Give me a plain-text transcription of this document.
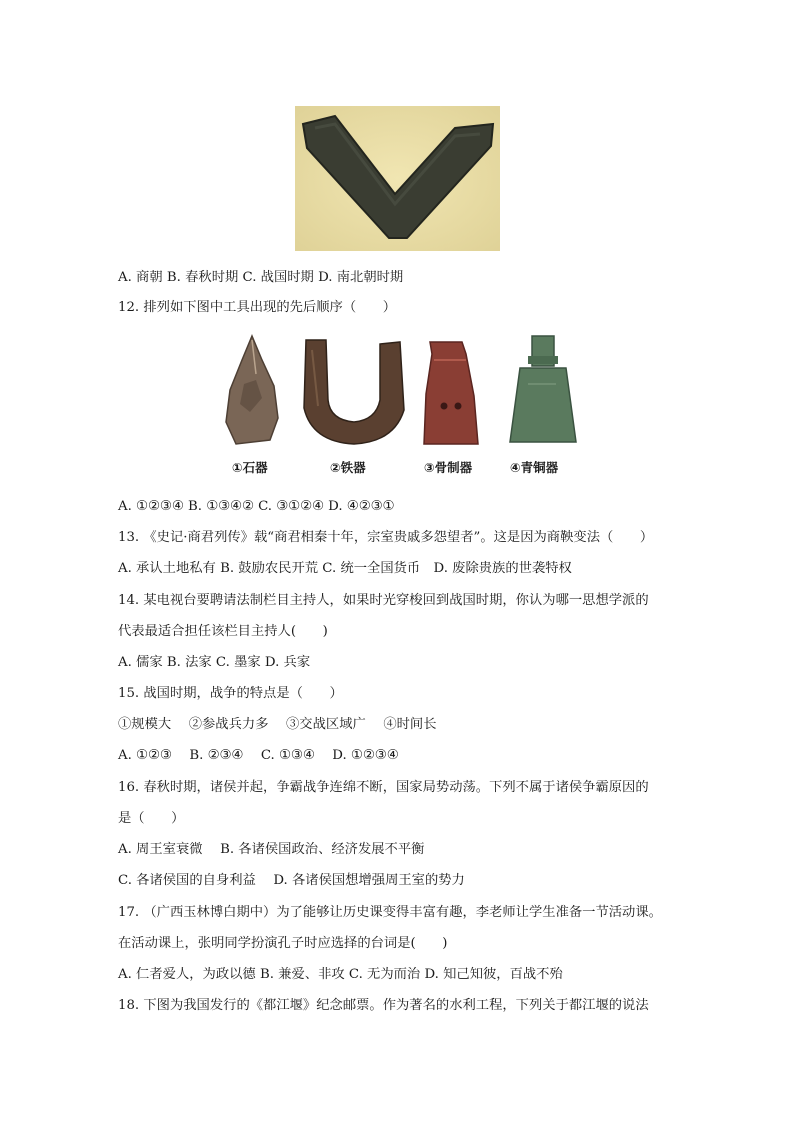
A. 商朝 B. 春秋时期 C. 战国时期 D. 南北朝时期
12. 排列如下图中工具出现的先后顺序（　　）
①石器	②铁器	③骨制器	④青铜器
A. ①②③④ B. ①③④② C. ③①②④ D. ④②③①
13. 《史记·商君列传》载“商君相秦十年，宗室贵戚多怨望者”。这是因为商鞅变法（　　）
A. 承认土地私有 B. 鼓励农民开荒 C. 统一全国货币　D. 废除贵族的世袭特权
14. 某电视台要聘请法制栏目主持人，如果时光穿梭回到战国时期，你认为哪一思想学派的
代表最适合担任该栏目主持人(　　)
A. 儒家 B. 法家 C. 墨家 D. 兵家
15. 战国时期，战争的特点是（　　）
①规模大　 ②参战兵力多　 ③交战区域广　 ④时间长
A. ①②③　 B. ②③④　 C. ①③④　 D. ①②③④
16. 春秋时期，诸侯并起，争霸战争连绵不断，国家局势动荡。下列不属于诸侯争霸原因的
是（　　）
A. 周王室衰微　 B. 各诸侯国政治、经济发展不平衡
C. 各诸侯国的自身利益　 D. 各诸侯国想增强周王室的势力
17. （广西玉林博白期中）为了能够让历史课变得丰富有趣，李老师让学生准备一节活动课。
在活动课上，张明同学扮演孔子时应选择的台词是(　　)
A. 仁者爱人，为政以德 B. 兼爱、非攻 C. 无为而治 D. 知己知彼，百战不殆
18. 下图为我国发行的《都江堰》纪念邮票。作为著名的水利工程，下列关于都江堰的说法
